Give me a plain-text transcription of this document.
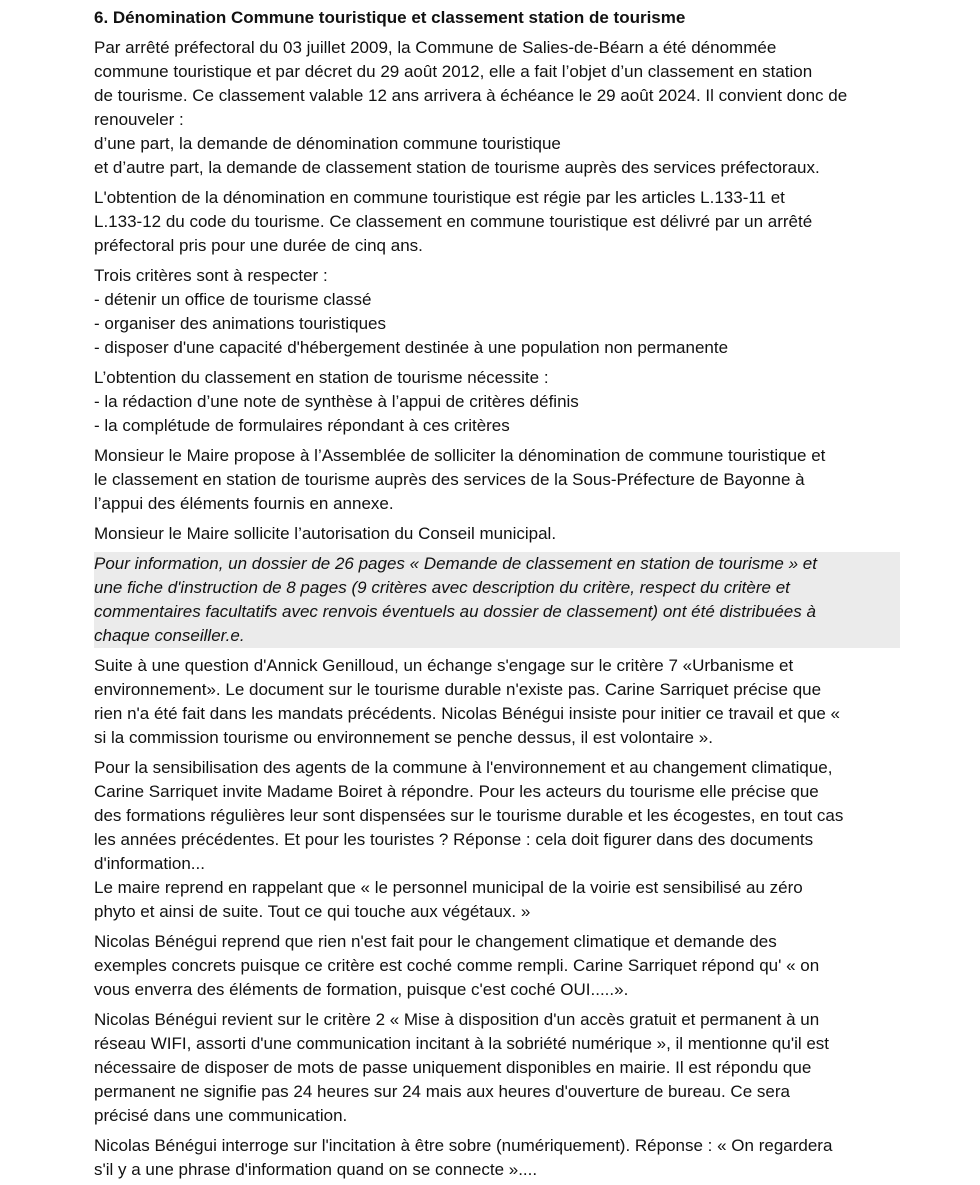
6. Dénomination Commune touristique et classement station de tourisme
Par arrêté préfectoral du 03 juillet 2009, la Commune de Salies-de-Béarn a été dénommée
commune touristique et par décret du 29 août 2012, elle a fait l’objet d’un classement en station
de tourisme. Ce classement valable 12 ans arrivera à échéance le 29 août 2024. Il convient donc de
renouveler :
d’une part, la demande de dénomination commune touristique
et d’autre part, la demande de classement station de tourisme auprès des services préfectoraux.
L'obtention de la dénomination en commune touristique est régie par les articles L.133-11 et
L.133-12 du code du tourisme. Ce classement en commune touristique est délivré par un arrêté
préfectoral pris pour une durée de cinq ans.
Trois critères sont à respecter :
- détenir un office de tourisme classé
- organiser des animations touristiques
- disposer d'une capacité d'hébergement destinée à une population non permanente
L’obtention du classement en station de tourisme nécessite :
- la rédaction d’une note de synthèse à l’appui de critères définis
- la complétude de formulaires répondant à ces critères
Monsieur le Maire propose à l’Assemblée de solliciter la dénomination de commune touristique et
le classement en station de tourisme auprès des services de la Sous-Préfecture de Bayonne à
l’appui des éléments fournis en annexe.
Monsieur le Maire sollicite l’autorisation du Conseil municipal.
Pour information, un dossier de 26 pages « Demande de classement en station de tourisme » et
une fiche d'instruction de 8 pages (9 critères avec description du critère, respect du critère et
commentaires facultatifs avec renvois éventuels au dossier de classement) ont été distribuées à
chaque conseiller.e.
Suite à une question d'Annick Genilloud, un échange s'engage sur le critère 7 «Urbanisme et
environnement». Le document sur le tourisme durable n'existe pas. Carine Sarriquet précise que
rien n'a été fait dans les mandats précédents. Nicolas Bénégui insiste pour initier ce travail et que «
si la commission tourisme ou environnement se penche dessus, il est volontaire ».
Pour la sensibilisation des agents de la commune à l'environnement et au changement climatique,
Carine Sarriquet invite Madame Boiret à répondre. Pour les acteurs du tourisme elle précise que
des formations régulières leur sont dispensées sur le tourisme durable et les écogestes, en tout cas
les années précédentes. Et pour les touristes ? Réponse : cela doit figurer dans des documents
d'information...
Le maire reprend en rappelant que « le personnel municipal de la voirie est sensibilisé au zéro
phyto et ainsi de suite. Tout ce qui touche aux végétaux. »
Nicolas Bénégui reprend que rien n'est fait pour le changement climatique et demande des
exemples concrets puisque ce critère est coché comme rempli. Carine Sarriquet répond qu' « on
vous enverra des éléments de formation, puisque c'est coché OUI.....».
Nicolas Bénégui revient sur le critère 2 « Mise à disposition d'un accès gratuit et permanent à un
réseau WIFI, assorti d'une communication incitant à la sobriété numérique », il mentionne qu'il est
nécessaire de disposer de mots de passe uniquement disponibles en mairie. Il est répondu que
permanent ne signifie pas 24 heures sur 24 mais aux heures d'ouverture de bureau. Ce sera
précisé dans une communication.
Nicolas Bénégui interroge sur l'incitation à être sobre (numériquement). Réponse : « On regardera
s'il y a une phrase d'information quand on se connecte »....
